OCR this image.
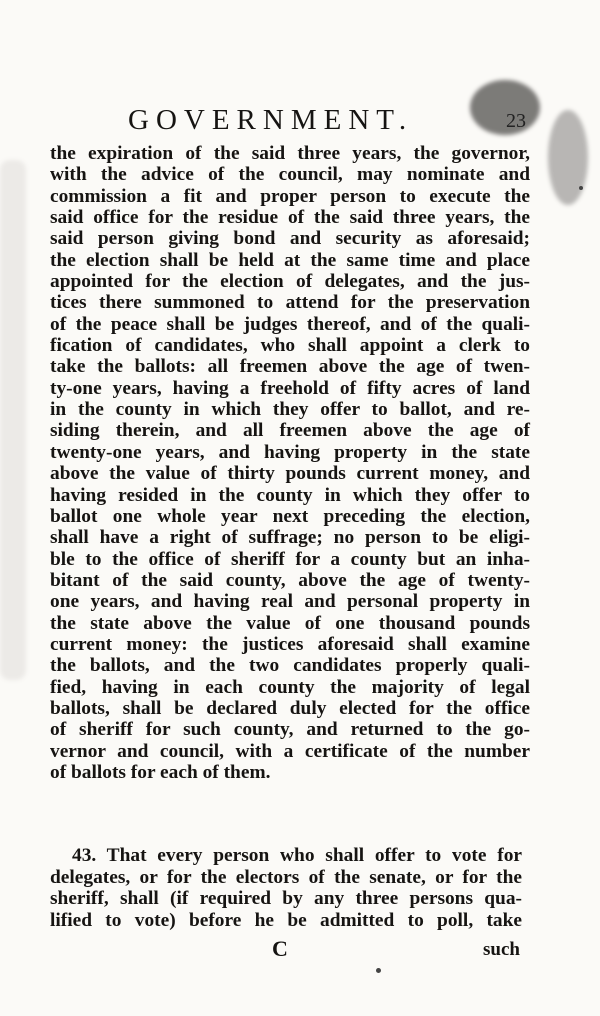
GOVERNMENT.	23
the expiration of the said three years, the governor,
with the advice of the council, may nominate and
commission a fit and proper person to execute the
said office for the residue of the said three years, the
said person giving bond and security as aforesaid;
the election shall be held at the same time and place
appointed for the election of delegates, and the jus-
tices there summoned to attend for the preservation
of the peace shall be judges thereof, and of the quali-
fication of candidates, who shall appoint a clerk to
take the ballots: all freemen above the age of twen-
ty-one years, having a freehold of fifty acres of land
in the county in which they offer to ballot, and re-
siding therein, and all freemen above the age of
twenty-one years, and having property in the state
above the value of thirty pounds current money, and
having resided in the county in which they offer to
ballot one whole year next preceding the election,
shall have a right of suffrage; no person to be eligi-
ble to the office of sheriff for a county but an inha-
bitant of the said county, above the age of twenty-
one years, and having real and personal property in
the state above the value of one thousand pounds
current money: the justices aforesaid shall examine
the ballots, and the two candidates properly quali-
fied, having in each county the majority of legal
ballots, shall be declared duly elected for the office
of sheriff for such county, and returned to the go-
vernor and council, with a certificate of the number
of ballots for each of them.
43. That every person who shall offer to vote for
delegates, or for the electors of the senate, or for the
sheriff, shall (if required by any three persons qua-
lified to vote) before he be admitted to poll, take
C	such
